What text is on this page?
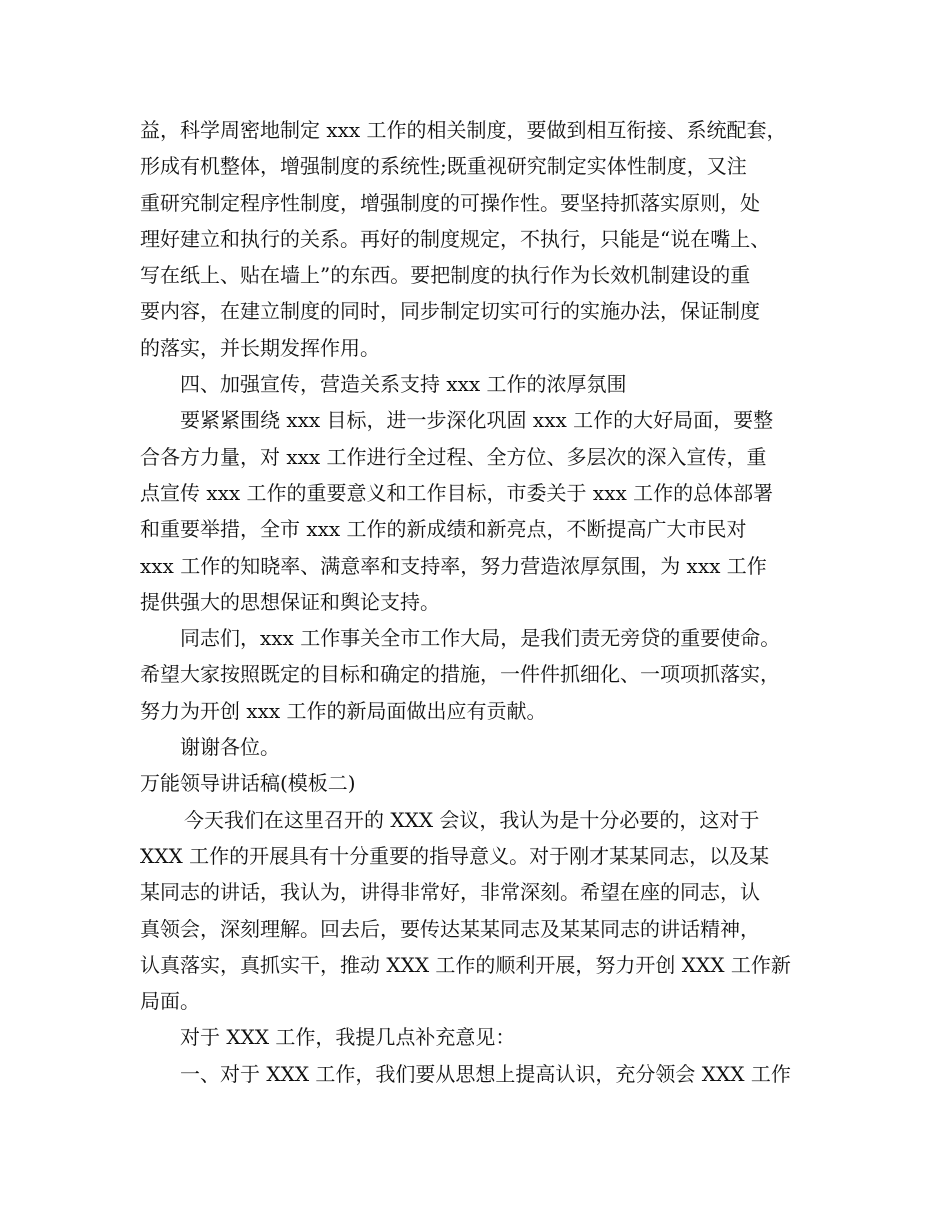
益，科学周密地制定 xxx 工作的相关制度，要做到相互衔接、系统配套，
形成有机整体，增强制度的系统性;既重视研究制定实体性制度，又注
重研究制定程序性制度，增强制度的可操作性。要坚持抓落实原则，处
理好建立和执行的关系。再好的制度规定，不执行，只能是“说在嘴上、
写在纸上、贴在墙上”的东西。要把制度的执行作为长效机制建设的重
要内容，在建立制度的同时，同步制定切实可行的实施办法，保证制度
的落实，并长期发挥作用。
四、加强宣传，营造关系支持 xxx 工作的浓厚氛围
要紧紧围绕 xxx 目标，进一步深化巩固 xxx 工作的大好局面，要整
合各方力量，对 xxx 工作进行全过程、全方位、多层次的深入宣传，重
点宣传 xxx 工作的重要意义和工作目标，市委关于 xxx 工作的总体部署
和重要举措，全市 xxx 工作的新成绩和新亮点，不断提高广大市民对
xxx 工作的知晓率、满意率和支持率，努力营造浓厚氛围，为 xxx 工作
提供强大的思想保证和舆论支持。
同志们，xxx 工作事关全市工作大局，是我们责无旁贷的重要使命。
希望大家按照既定的目标和确定的措施，一件件抓细化、一项项抓落实，
努力为开创 xxx 工作的新局面做出应有贡献。
谢谢各位。
万能领导讲话稿(模板二)
今天我们在这里召开的 XXX 会议，我认为是十分必要的，这对于
XXX 工作的开展具有十分重要的指导意义。对于刚才某某同志，以及某
某同志的讲话，我认为，讲得非常好，非常深刻。希望在座的同志，认
真领会，深刻理解。回去后，要传达某某同志及某某同志的讲话精神，
认真落实，真抓实干，推动 XXX 工作的顺利开展，努力开创 XXX 工作新
局面。
对于 XXX 工作，我提几点补充意见：
一、对于 XXX 工作，我们要从思想上提高认识，充分领会 XXX 工作
